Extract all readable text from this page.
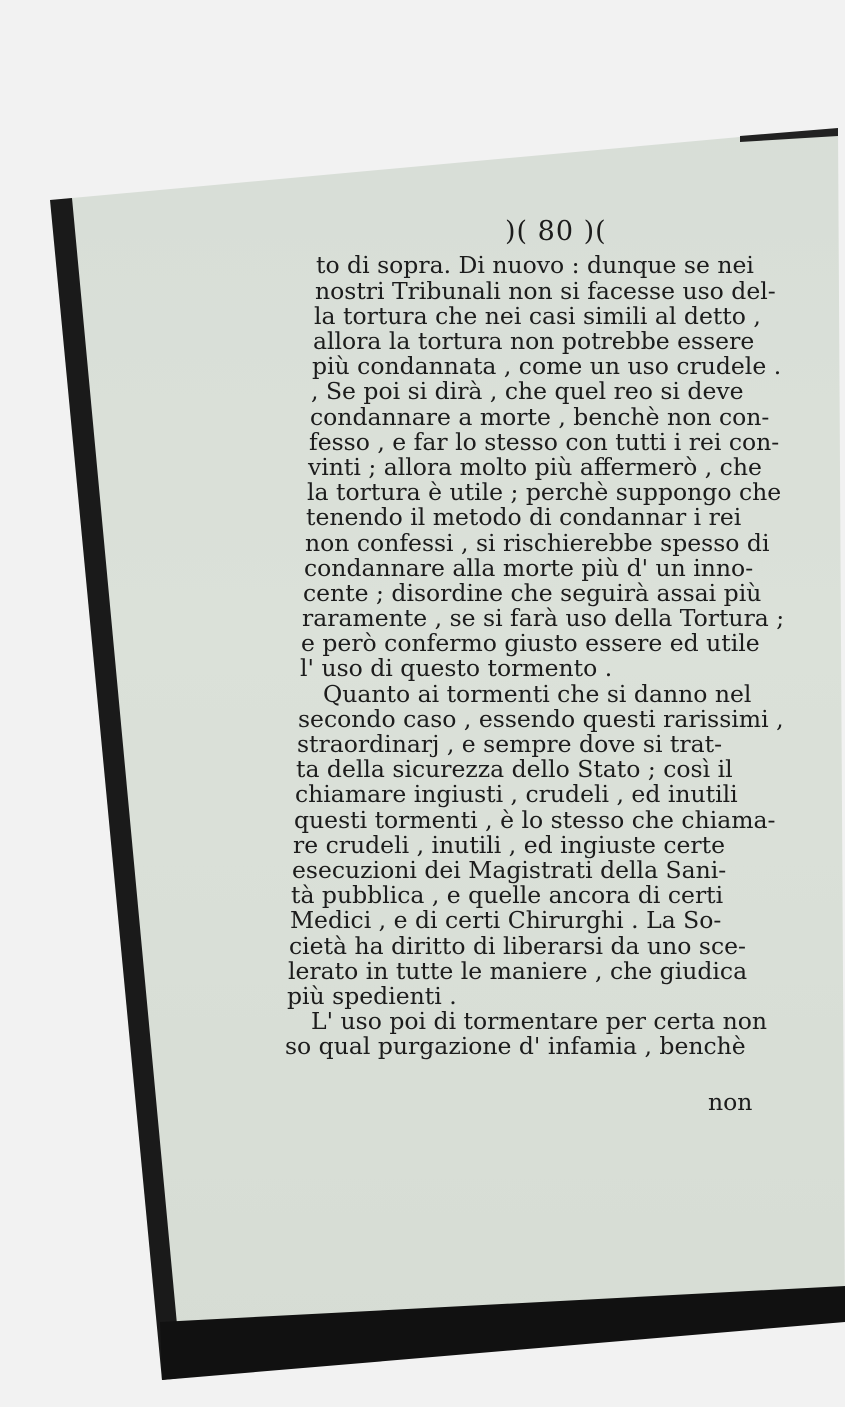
)( 80 )(
to di sopra. Di nuovo : dunque se nei
nostri Tribunali non si facesse uso del-
la tortura che nei casi simili al detto ,
allora la tortura non potrebbe essere
più condannata , come un uso crudele .
, Se poi si dirà , che quel reo si deve
condannare a morte , benchè non con-
fesso , e far lo stesso con tutti i rei con-
vinti ; allora molto più affermerò , che
la tortura è utile ; perchè suppongo che
tenendo il metodo di condannar i rei
non confessi , si rischierebbe spesso di
condannare alla morte più d' un inno-
cente ; disordine che seguirà assai più
raramente , se si farà uso della Tortura ;
e però confermo giusto essere ed utile
l' uso di questo tormento .
Quanto ai tormenti che si danno nel
secondo caso , essendo questi rarissimi ,
straordinarj , e sempre dove si trat-
ta della sicurezza dello Stato ; così il
chiamare ingiusti , crudeli , ed inutili
questi tormenti , è lo stesso che chiama-
re crudeli , inutili , ed ingiuste certe
esecuzioni dei Magistrati della Sani-
tà pubblica , e quelle ancora di certi
Medici , e di certi Chirurghi . La So-
cietà ha diritto di liberarsi da uno sce-
lerato in tutte le maniere , che giudica
più spedienti .
L' uso poi di tormentare per certa non
so qual purgazione d' infamia , benchè
non
